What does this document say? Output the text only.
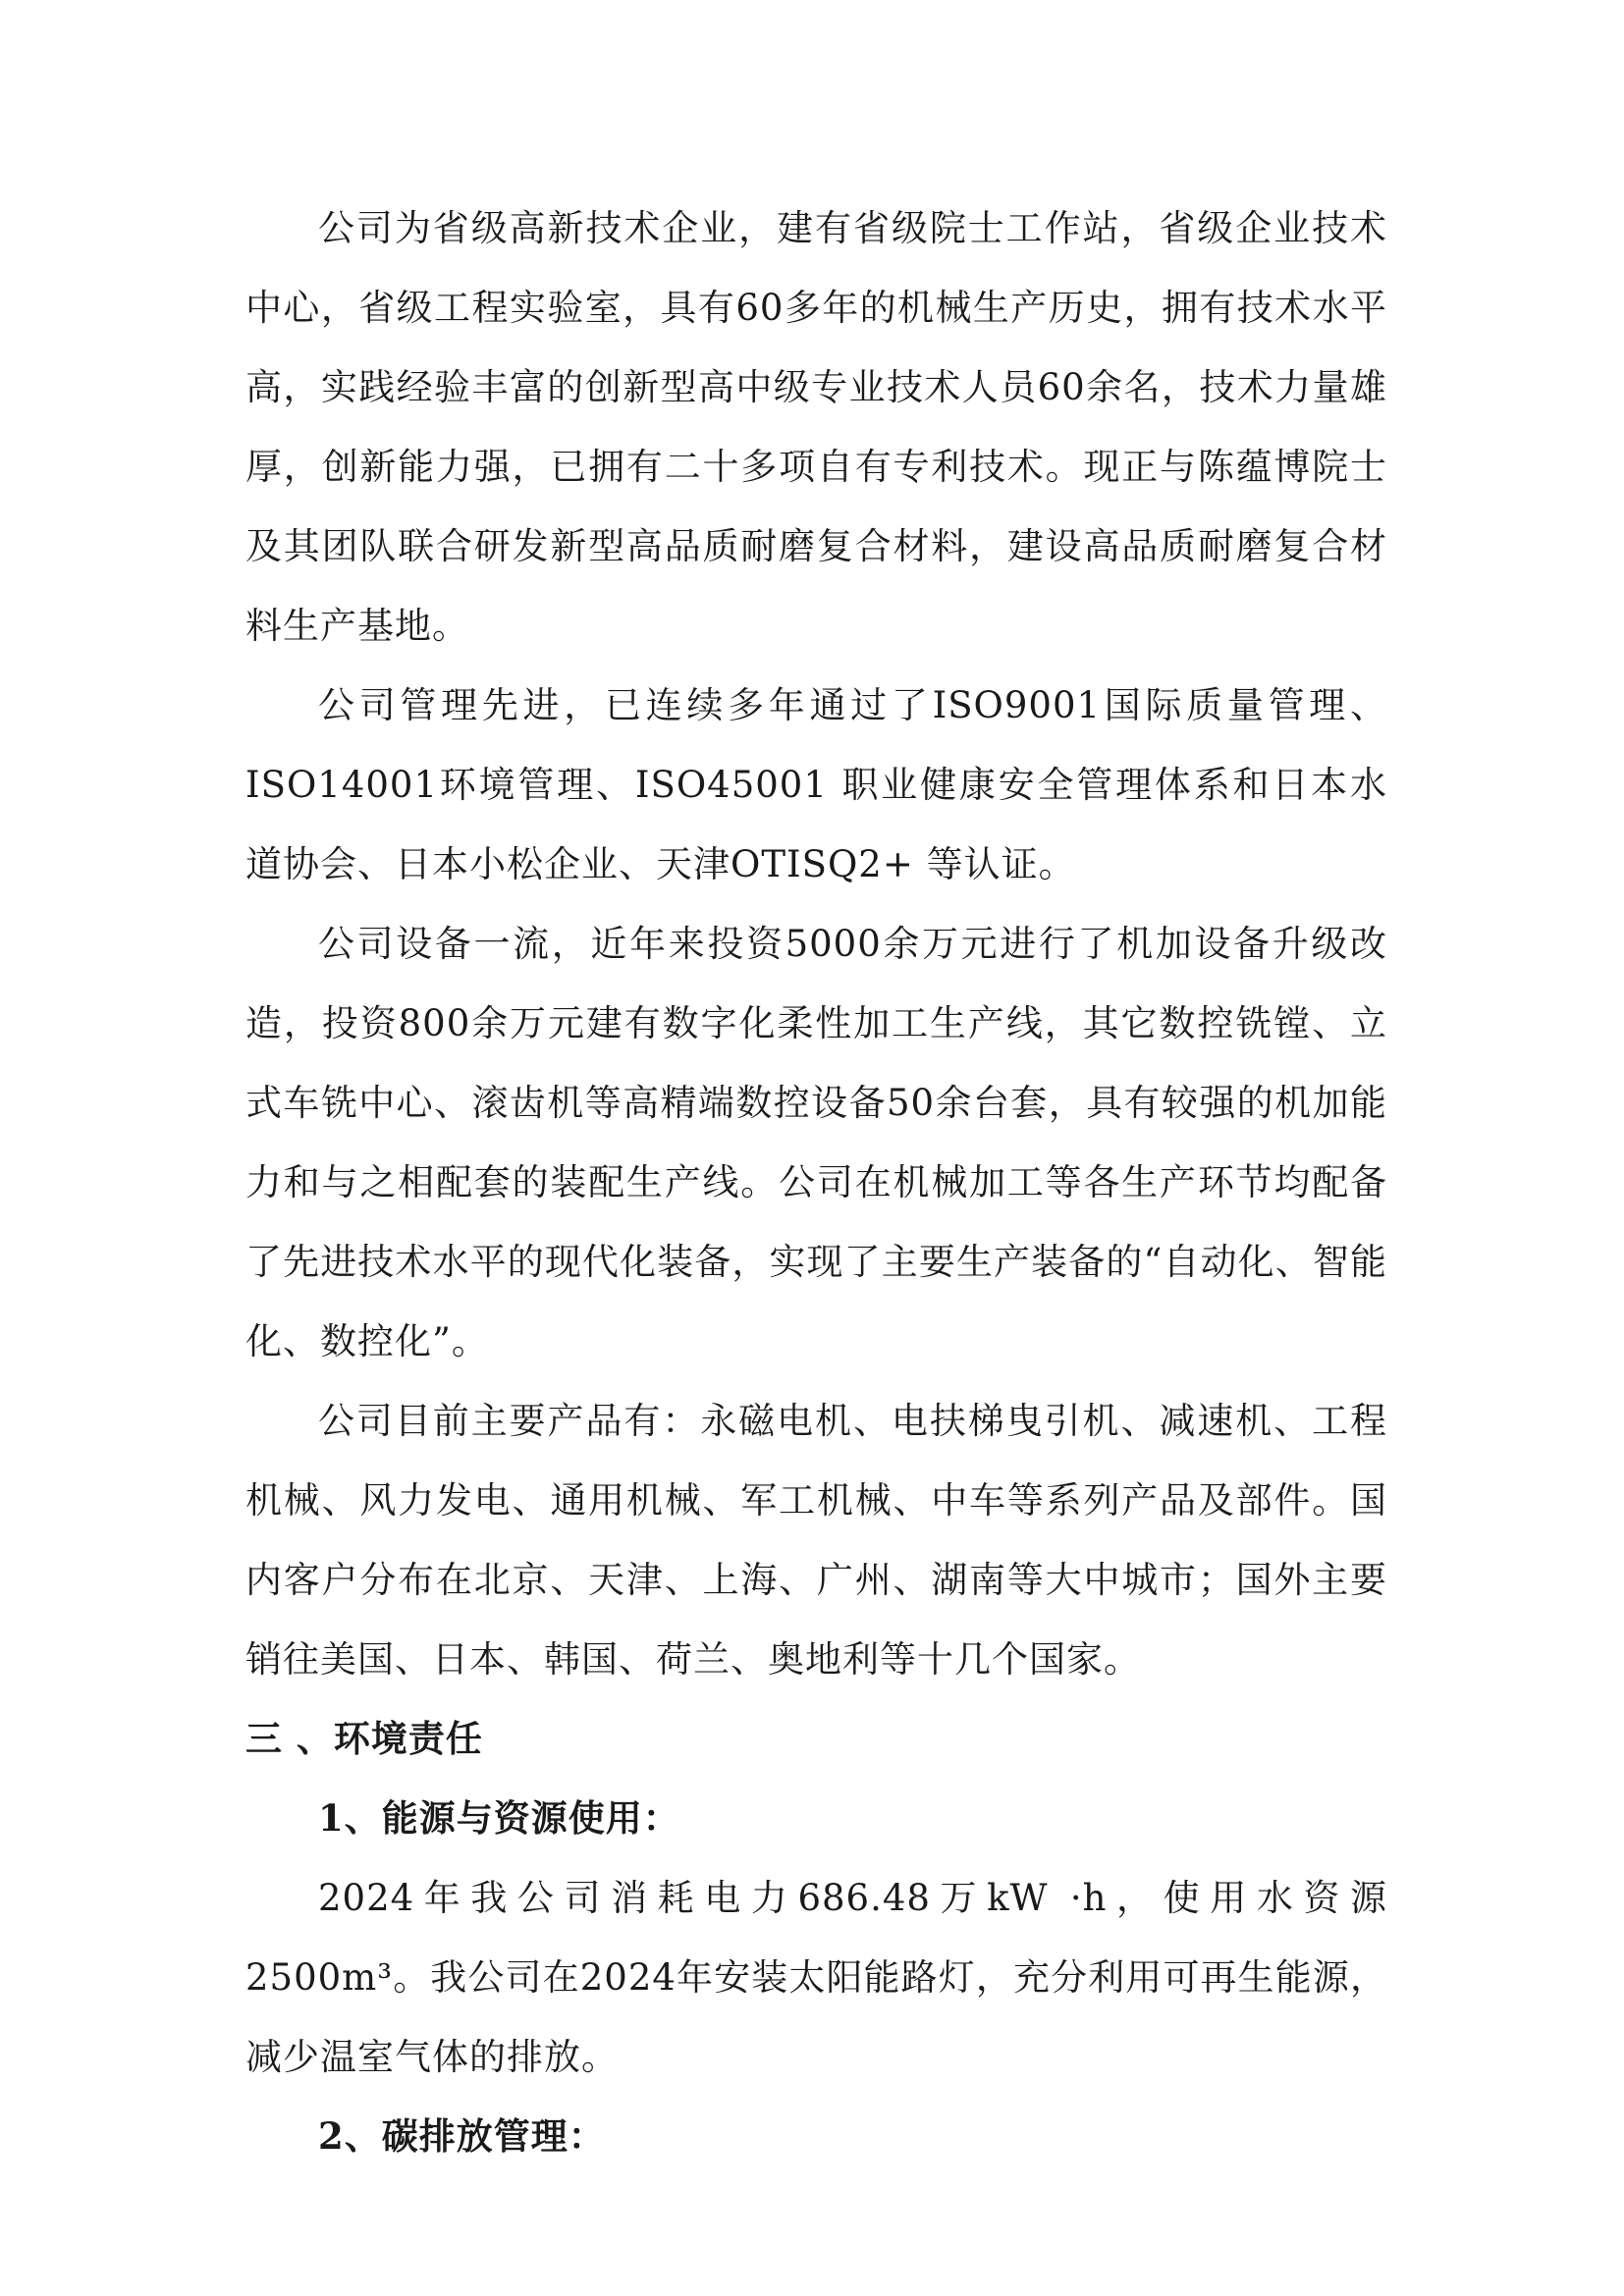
公司为省级高新技术企业，建有省级院士工作站，省级企业技术中心，省级工程实验室，具有60多年的机械生产历史，拥有技术水平高，实践经验丰富的创新型高中级专业技术人员60余名，技术力量雄厚，创新能力强，已拥有二十多项自有专利技术。现正与陈蕴博院士及其团队联合研发新型高品质耐磨复合材料，建设高品质耐磨复合材料生产基地。

公司管理先进，已连续多年通过了ISO9001国际质量管理、ISO14001环境管理、ISO45001 职业健康安全管理体系和日本水道协会、日本小松企业、天津OTISQ2+ 等认证。

公司设备一流，近年来投资5000余万元进行了机加设备升级改造，投资800余万元建有数字化柔性加工生产线，其它数控铣镗、立式车铣中心、滚齿机等高精端数控设备50余台套，具有较强的机加能力和与之相配套的装配生产线。公司在机械加工等各生产环节均配备了先进技术水平的现代化装备，实现了主要生产装备的“自动化、智能化、数控化”。

公司目前主要产品有：永磁电机、电扶梯曳引机、减速机、工程机械、风力发电、通用机械、军工机械、中车等系列产品及部件。国内客户分布在北京、天津、上海、广州、湖南等大中城市；国外主要销往美国、日本、韩国、荷兰、奥地利等十几个国家。

三 、环境责任
1、能源与资源使用：

2024年我公司消耗电力686.48万kW ·h，使用水资源2500m³。我公司在2024年安装太阳能路灯，充分利用可再生能源，减少温室气体的排放。

2、碳排放管理：
